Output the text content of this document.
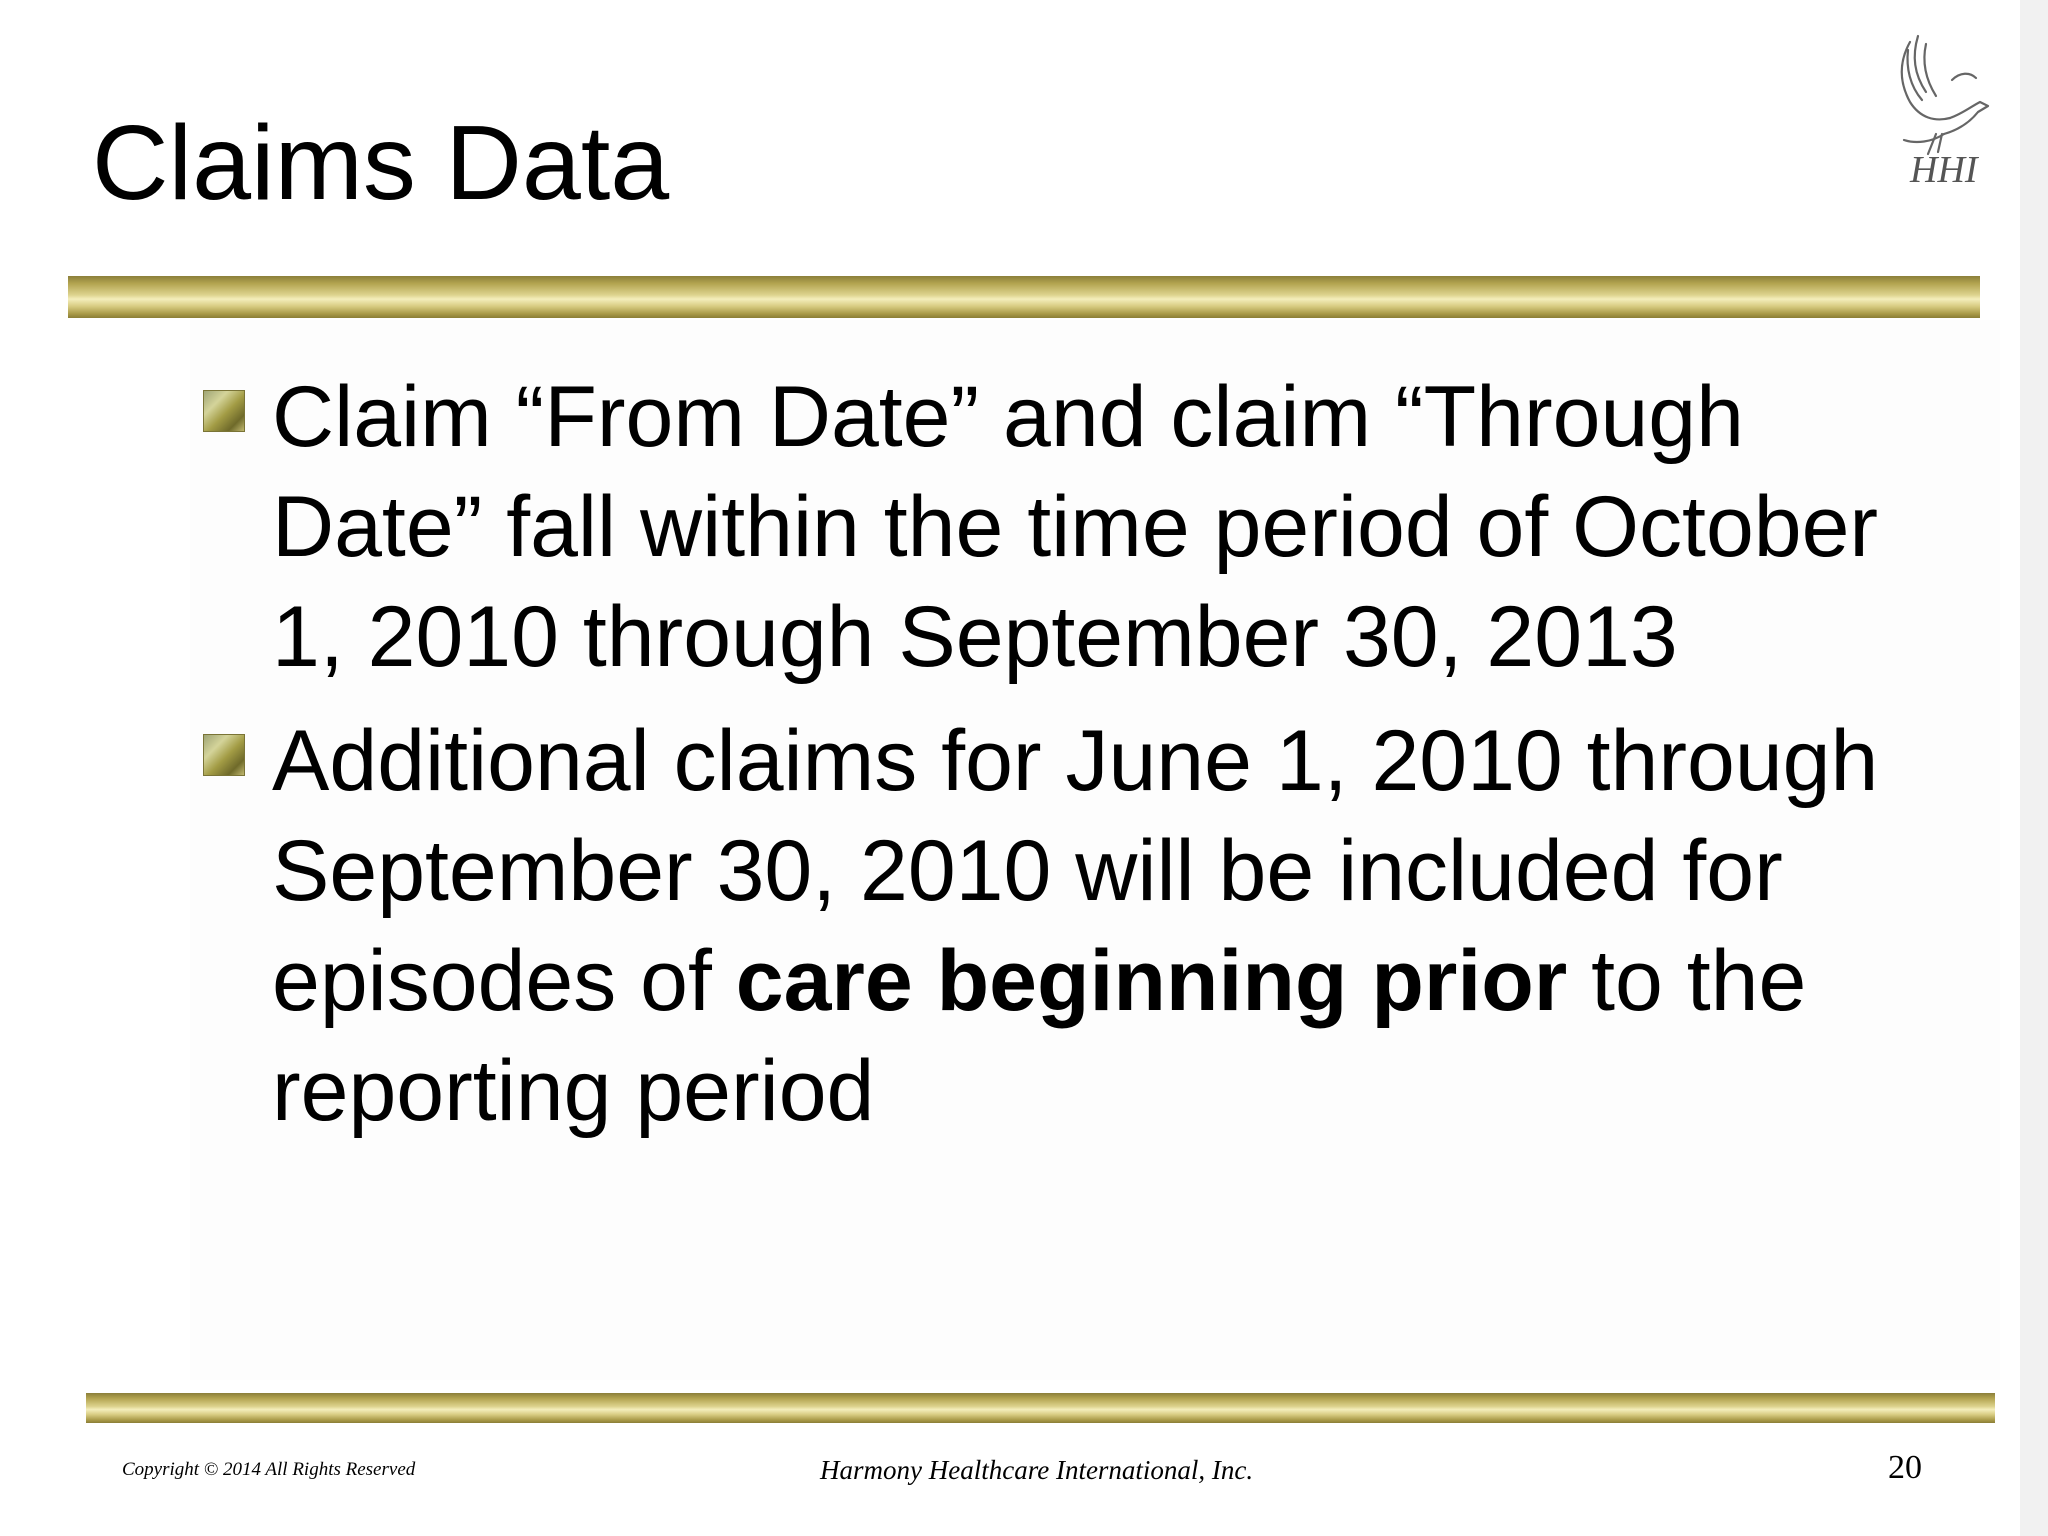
Claims Data	HHI
Claim “From Date” and claim “Through Date” fall within the time period of October 1, 2010 through September 30, 2013
Additional claims for June 1, 2010 through September 30, 2010 will be included for episodes of care beginning prior to the reporting period
Copyright © 2014 All Rights Reserved	Harmony Healthcare International, Inc.	20
